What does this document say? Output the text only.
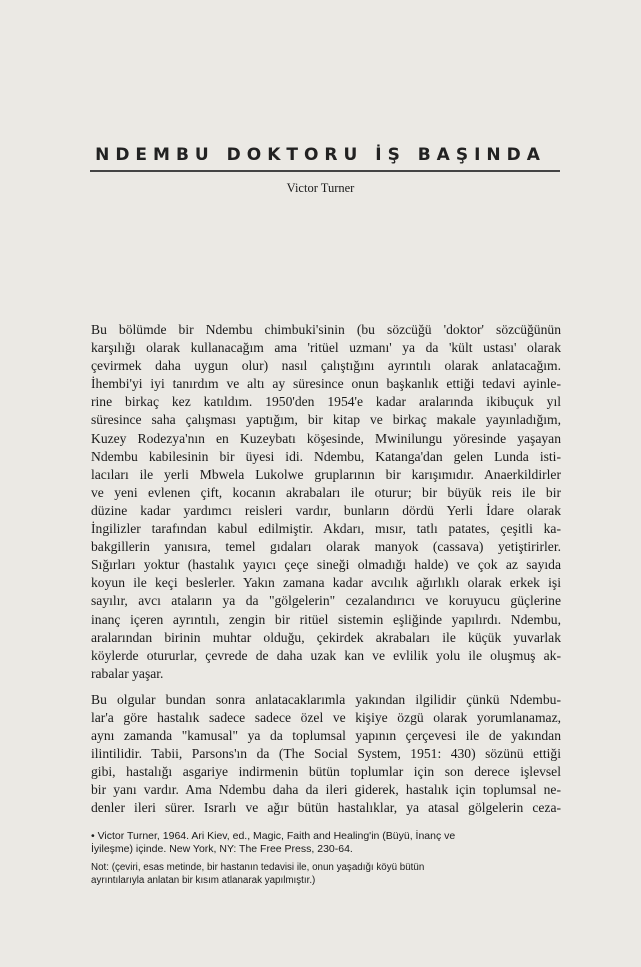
NDEMBU DOKTORU İŞ BAŞINDA
Victor Turner

Bu bölümde bir Ndembu chimbuki'sinin (bu sözcüğü 'doktor' sözcüğünün
karşılığı olarak kullanacağım ama 'ritüel uzmanı' ya da 'kült ustası' olarak
çevirmek daha uygun olur) nasıl çalıştığını ayrıntılı olarak anlatacağım.
İhembi'yi iyi tanırdım ve altı ay süresince onun başkanlık ettiği tedavi ayinle-
rine birkaç kez katıldım. 1950'den 1954'e kadar aralarında ikibuçuk yıl
süresince saha çalışması yaptığım, bir kitap ve birkaç makale yayınladığım,
Kuzey Rodezya'nın en Kuzeybatı köşesinde, Mwinilungu yöresinde yaşayan
Ndembu kabilesinin bir üyesi idi. Ndembu, Katanga'dan gelen Lunda isti-
lacıları ile yerli Mbwela Lukolwe gruplarının bir karışımıdır. Anaerkildirler
ve yeni evlenen çift, kocanın akrabaları ile oturur; bir büyük reis ile bir
düzine kadar yardımcı reisleri vardır, bunların dördü Yerli İdare olarak
İngilizler tarafından kabul edilmiştir. Akdarı, mısır, tatlı patates, çeşitli ka-
bakgillerin yanısıra, temel gıdaları olarak manyok (cassava) yetiştirirler.
Sığırları yoktur (hastalık yayıcı çeçe sineği olmadığı halde) ve çok az sayıda
koyun ile keçi beslerler. Yakın zamana kadar avcılık ağırlıklı olarak erkek işi
sayılır, avcı ataların ya da "gölgelerin" cezalandırıcı ve koruyucu güçlerine
inanç içeren ayrıntılı, zengin bir ritüel sistemin eşliğinde yapılırdı. Ndembu,
aralarından birinin muhtar olduğu, çekirdek akrabaları ile küçük yuvarlak
köylerde otururlar, çevrede de daha uzak kan ve evlilik yolu ile oluşmuş ak-
rabalar yaşar.

Bu olgular bundan sonra anlatacaklarımla yakından ilgilidir çünkü Ndembu-
lar'a göre hastalık sadece sadece özel ve kişiye özgü olarak yorumlanamaz,
aynı zamanda "kamusal" ya da toplumsal yapının çerçevesi ile de yakından
ilintilidir. Tabii, Parsons'ın da (The Social System, 1951: 430) sözünü ettiği
gibi, hastalığı asgariye indirmenin bütün toplumlar için son derece işlevsel
bir yanı vardır. Ama Ndembu daha da ileri giderek, hastalık için toplumsal ne-
denler ileri sürer. Israrlı ve ağır bütün hastalıklar, ya atasal gölgelerin ceza-

• Victor Turner, 1964. Ari Kiev, ed., Magic, Faith and Healing'in (Büyü, İnanç ve
İyileşme) içinde. New York, NY: The Free Press, 230-64.
Not: (çeviri, esas metinde, bir hastanın tedavisi ile, onun yaşadığı köyü bütün
ayrıntılarıyla anlatan bir kısım atlanarak yapılmıştır.)
